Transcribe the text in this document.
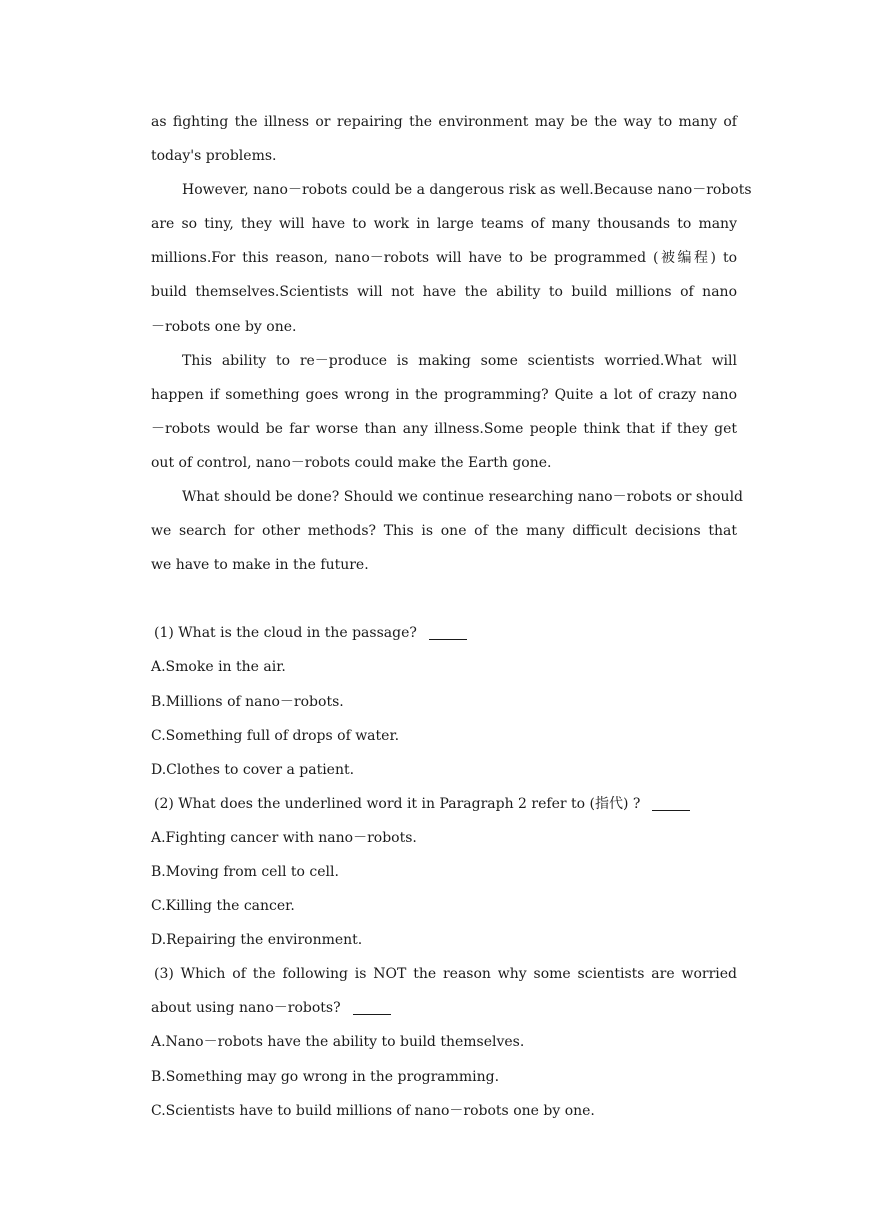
as fighting the illness or repairing the environment may be the way to many of
today's problems.
However, nano－robots could be a dangerous risk as well.Because nano－robots
are so tiny, they will have to work in large teams of many thousands to many
millions.For this reason, nano－robots will have to be programmed (被编程) to
build themselves.Scientists will not have the ability to build millions of nano
－robots one by one.
This ability to re－produce is making some scientists worried.What will
happen if something goes wrong in the programming? Quite a lot of crazy nano
－robots would be far worse than any illness.Some people think that if they get
out of control, nano－robots could make the Earth gone.
What should be done? Should we continue researching nano－robots or should
we search for other methods? This is one of the many difficult decisions that
we have to make in the future.
(1) What is the cloud in the passage?
A.Smoke in the air.
B.Millions of nano－robots.
C.Something full of drops of water.
D.Clothes to cover a patient.
(2) What does the underlined word it in Paragraph 2 refer to (指代) ?
A.Fighting cancer with nano－robots.
B.Moving from cell to cell.
C.Killing the cancer.
D.Repairing the environment.
(3) Which of the following is NOT the reason why some scientists are worried
about using nano－robots?
A.Nano－robots have the ability to build themselves.
B.Something may go wrong in the programming.
C.Scientists have to build millions of nano－robots one by one.
